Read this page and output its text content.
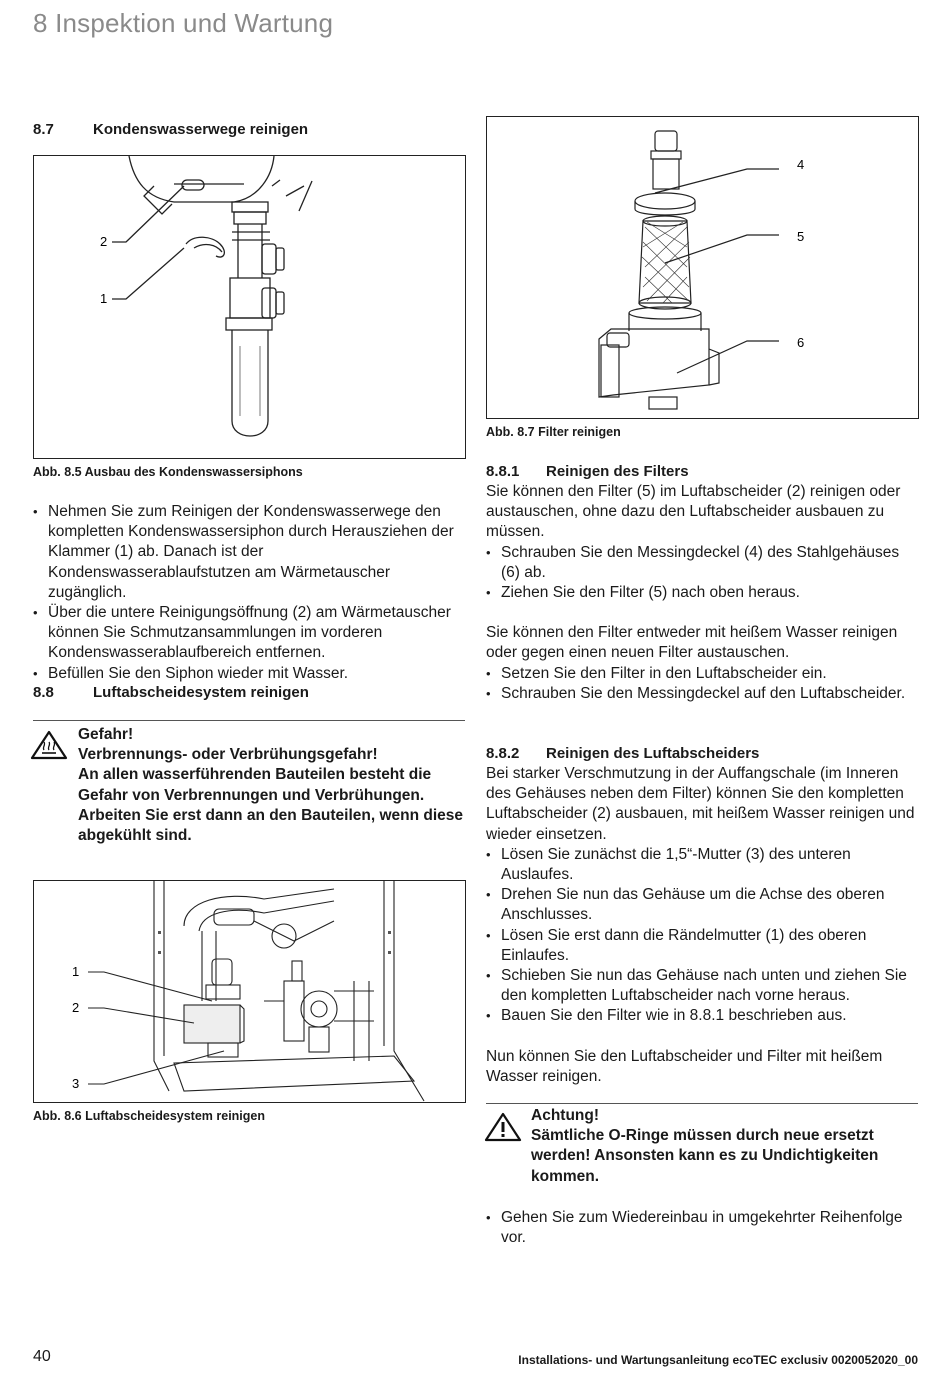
8 Inspektion und Wartung
8.7	Kondenswasserwege reinigen
2
1
Abb. 8.5 Ausbau des Kondenswassersiphons
• Nehmen Sie zum Reinigen der Kondenswasserwege den kompletten Kondenswassersiphon durch Herausziehen der Klammer (1) ab. Danach ist der Kondenswasserablaufstutzen am Wärmetauscher zugänglich.
• Über die untere Reinigungsöffnung (2) am Wärmetauscher können Sie Schmutzansammlungen im vorderen Kondenswasserablaufbereich entfernen.
• Befüllen Sie den Siphon wieder mit Wasser.
8.8	Luftabscheidesystem reinigen
Gefahr!
Verbrennungs- oder Verbrühungsgefahr!
An allen wasserführenden Bauteilen besteht die Gefahr von Verbrennungen und Verbrühungen. Arbeiten Sie erst dann an den Bauteilen, wenn diese abgekühlt sind.
1
2
3
Abb. 8.6 Luftabscheidesystem reinigen
4
5
6
Abb. 8.7 Filter reinigen
8.8.1 Reinigen des Filters

Sie können den Filter (5) im Luftabscheider (2) reinigen oder austauschen, ohne dazu den Luftabscheider ausbauen zu müssen.

• Schrauben Sie den Messingdeckel (4) des Stahlgehäuses (6) ab.
• Ziehen Sie den Filter (5) nach oben heraus.

Sie können den Filter entweder mit heißem Wasser reinigen oder gegen einen neuen Filter austauschen.

• Setzen Sie den Filter in den Luftabscheider ein.
• Schrauben Sie den Messingdeckel auf den Luftabscheider.
8.8.2 Reinigen des Luftabscheiders

Bei starker Verschmutzung in der Auffangschale (im Inneren des Gehäuses neben dem Filter) können Sie den kompletten Luftabscheider (2) ausbauen, mit heißem Wasser reinigen und wieder einsetzen.

• Lösen Sie zunächst die 1,5“-Mutter (3) des unteren Auslaufes.
• Drehen Sie nun das Gehäuse um die Achse des oberen Anschlusses.
• Lösen Sie erst dann die Rändelmutter (1) des oberen Einlaufes.
• Schieben Sie nun das Gehäuse nach unten und ziehen Sie den kompletten Luftabscheider nach vorne heraus.
• Bauen Sie den Filter wie in 8.8.1 beschrieben aus.

Nun können Sie den Luftabscheider und Filter mit heißem Wasser reinigen.

Achtung!
Sämtliche O-Ringe müssen durch neue ersetzt werden! Ansonsten kann es zu Undichtigkeiten kommen.
• Gehen Sie zum Wiedereinbau in umgekehrter Reihenfolge vor.
40	Installations- und Wartungsanleitung ecoTEC exclusiv 0020052020_00
